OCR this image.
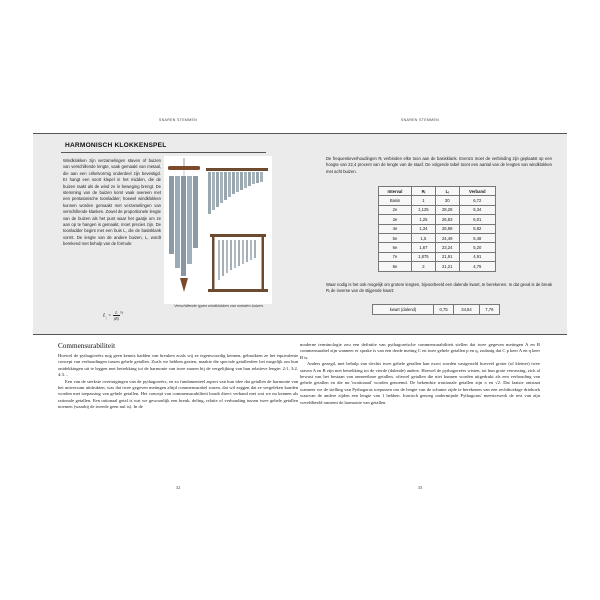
SNAREN STEMMEN
Commensurabiliteit

Hoewel de pythagoreërs nog geen kennis hadden van breuken zoals wij ze tegenwoordig kennen, gebruikten ze het equivalente concept van verhoudingen tussen gehele getallen. Zoals we hebben gezien, maakte die speciale getallenfeer het mogelijk om hun ontdekkingen uit te leggen met betrekking tot de harmonie van twee snaren bij de vergelijking van hun relatieve lengte: 2:1, 3:2, 4:3…

Een van de sterkste overtuigingen van de pythagoreërs, en zo fundamenteel aspect van hun idee dat getallen de harmonie van het universum uitdrukten, was dat twee gegeven metingen altijd commensurabel waren, dat wil zeggen dat ze vergeleken konden worden met toepassing van gehele getallen. Het concept van commensurabiliteit houdt direct verband met wat we nu kennen als rationale getallen. Een rationaal getal is wat we gewoonlijk een breuk, deling, relatie of verhouding tussen twee gehele getallen noemen (waarbij de tweede geen nul is). In de

32
SNAREN STEMMEN

moderne terminologie zou een definitie van pythagoreïsche commensurabiliteit stellen dat twee gegeven metingen A en B commensurabel zijn wanneer er sprake is van een derde meting C en twee gehele getallen p en q, zodanig dat C p keer A en q keer B is.

Anders gezegd, met behulp van slechts twee gehele getallen kan exact worden vastgesteld hoeveel groter (of kleiner) twee staven A en B zijn met betrekking tot de vierde (dalende) andere. Hoewel de pythagoreërs wisten, tot hun grote verrassing, zich al bewust van het bestaan van onmeetbare getallen, oftewel getallen die niet kunnen worden uitgedrukt als een verhouding van gehele getallen en die nu 'irrationaal' worden genoemd. De bekendste irrationale getallen zijn π en √2. Dat laatste ontstaat wanneer we de stelling van Pythagoras toepassen om de lengte van de schuine zijde te berekenen van een rechthoekige driehoek waarvan de andere zijden een lengte van 1 hebben. Ironisch genoeg ondermijnde Pythagoras' meesterwerk de rest van zijn wereldbeeld omtrent de harmonie van getallen.

33
HARMONISCH KLOKKENSPEL
Windklokken zijn verzamelingen staven of buizen van verschillende lengte, vaak gemaakt van metaal, die aan een cirkelvormig onderdeel zijn bevestigd. Er hangt een soort klepel in het midden, die de buizen raakt als de wind ze in beweging brengt. De stemming van de buizen komt vaak overeen met een pentatonische toonladder; hoewel windklokken kunnen worden gemaakt met verzamelingen van verschillende klanken. Zowel de proportionele lengte van de buizen als het punt waar het gaatje om ze aan op te hangen is gemaakt, moet precies zijn. De toonladder begint met een buis L, die de basisklank vormt. De lengte van de andere buizen, L, wordt berekend met behulp van de formule:
$L_ᵢ = \frac{L}{(R)} ^{\frac{1}{2}}$
Verschillende typen windklokken van metalen buizen.
De frequentieverhoudingen Rᵢ verbinden elke toon aan de basisklank. Evenzo moet de verbinding zijn geplaatst op een hoogte van 22,4 procent van de lengte van de staaf. De volgende tabel toont een aantal van de lengtes van windklokken met acht buizen.
Interval	Rᵢ	Lᵢ	Verband
Basis	1	30	6,72
2e	1,125	28,28	6,34
3e	1,25	26,83	6,01
4e	1,34	25,98	5,82
5e	1,5	24,49	5,48
6e	1,67	23,24	5,20
7e	1,875	21,91	4,91
8e	2	21,21	4,75
Waar nodig is het ook mogelijk om grotere lengten, bijvoorbeeld een dalende kwart, te berekenen. In dat geval is de break Rᵢ de inverse van de stijgende kwart:
kwart (dalend)	0,75	34,64	7,76
